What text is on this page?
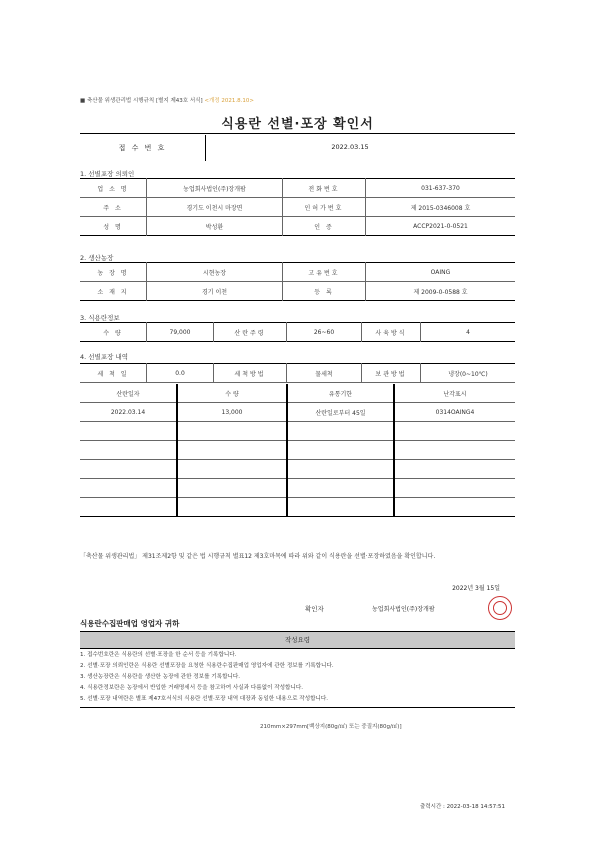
■ 축산물 위생관리법 시행규칙 [별지 제43호 서식] <개정 2021.8.10>
식용란 선별·포장 확인서
접 수 번 호	2022.03.15
1. 선별포장 의뢰인
업 소 명	농업회사법인(주)장개팜	전화번호	031-637-370
주 소	경기도 이천시 마장면	인허가번호	제 2015-0346008 호
성 명	박성환	인 증	ACCP2021-0-0521
2. 생산농장
농 장 명	시현농장	고유번호	OAING
소 재 지	경기 이천	등 록	제 2009-0-0588 호
3. 식용란정보
수 량	79,000	산란주령	26~60	사육방식	4
4. 선별포장 내역
세 척 일	0.0	세척방법	물세척	보관방법	냉장(0~10℃)
산란일자	수 량	유통기한	난각표시
2022.03.14	13,000	산란일로부터 45일	0314OAING4

「축산물 위생관리법」 제31조제2항 및 같은 법 시행규칙 별표12 제3호마목에 따라 위와 같이 식용란을 선별·포장하였음을 확인합니다.
2022년 3월 15일
확인자	농업회사법인(주)장개팜
식용란수집판매업 영업자 귀하
작성요령
1. 접수번호란은 식용란의 선별·포장을 한 순서 등을 기록합니다.
2. 선별·포장 의뢰인란은 식용란 선별포장을 요청한 식용란수집판매업 영업자에 관한 정보를 기록합니다.
3. 생산농장란은 식용란을 생산한 농장에 관한 정보를 기록합니다.
4. 식용란정보란은 농장에서 반입한 거래명세서 등을 참고하여 사실과 다름없이 작성합니다.
5. 선별·포장 내역란은 별표 제47호서식의 식용란 선별·포장 내역 대장과 동일한 내용으로 작성합니다.
210mm×297mm[백상지(80g/㎡) 또는 중질지(80g/㎡)]
출력시간 : 2022-03-18 14:57:51
